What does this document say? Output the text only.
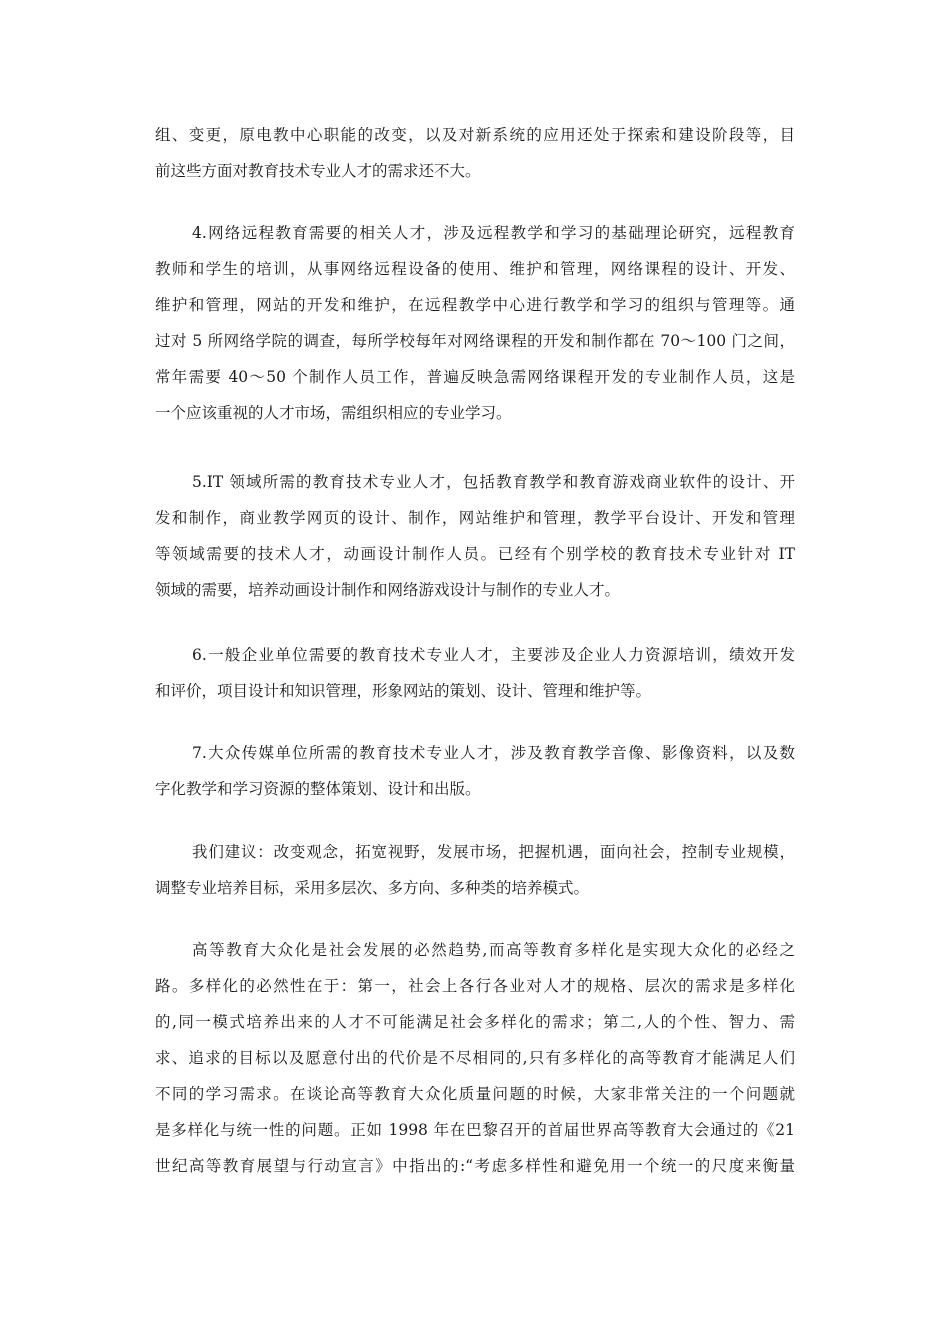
组、变更，原电教中心职能的改变，以及对新系统的应用还处于探索和建设阶段等，目
前这些方面对教育技术专业人才的需求还不大。
4.网络远程教育需要的相关人才，涉及远程教学和学习的基础理论研究，远程教育
教师和学生的培训，从事网络远程设备的使用、维护和管理，网络课程的设计、开发、
维护和管理，网站的开发和维护，在远程教学中心进行教学和学习的组织与管理等。通
过对 5 所网络学院的调查，每所学校每年对网络课程的开发和制作都在 70～100 门之间，
常年需要 40～50 个制作人员工作，普遍反映急需网络课程开发的专业制作人员，这是
一个应该重视的人才市场，需组织相应的专业学习。
5.IT 领域所需的教育技术专业人才，包括教育教学和教育游戏商业软件的设计、开
发和制作，商业教学网页的设计、制作，网站维护和管理，教学平台设计、开发和管理
等领域需要的技术人才，动画设计制作人员。已经有个别学校的教育技术专业针对 IT
领域的需要，培养动画设计制作和网络游戏设计与制作的专业人才。
6.一般企业单位需要的教育技术专业人才，主要涉及企业人力资源培训，绩效开发
和评价，项目设计和知识管理，形象网站的策划、设计、管理和维护等。
7.大众传媒单位所需的教育技术专业人才，涉及教育教学音像、影像资料，以及数
字化教学和学习资源的整体策划、设计和出版。
我们建议：改变观念，拓宽视野，发展市场，把握机遇，面向社会，控制专业规模，
调整专业培养目标，采用多层次、多方向、多种类的培养模式。
高等教育大众化是社会发展的必然趋势,而高等教育多样化是实现大众化的必经之
路。多样化的必然性在于：第一，社会上各行各业对人才的规格、层次的需求是多样化
的,同一模式培养出来的人才不可能满足社会多样化的需求；第二,人的个性、智力、需
求、追求的目标以及愿意付出的代价是不尽相同的,只有多样化的高等教育才能满足人们
不同的学习需求。在谈论高等教育大众化质量问题的时候，大家非常关注的一个问题就
是多样化与统一性的问题。正如 1998 年在巴黎召开的首届世界高等教育大会通过的《21
世纪高等教育展望与行动宣言》中指出的:“考虑多样性和避免用一个统一的尺度来衡量
